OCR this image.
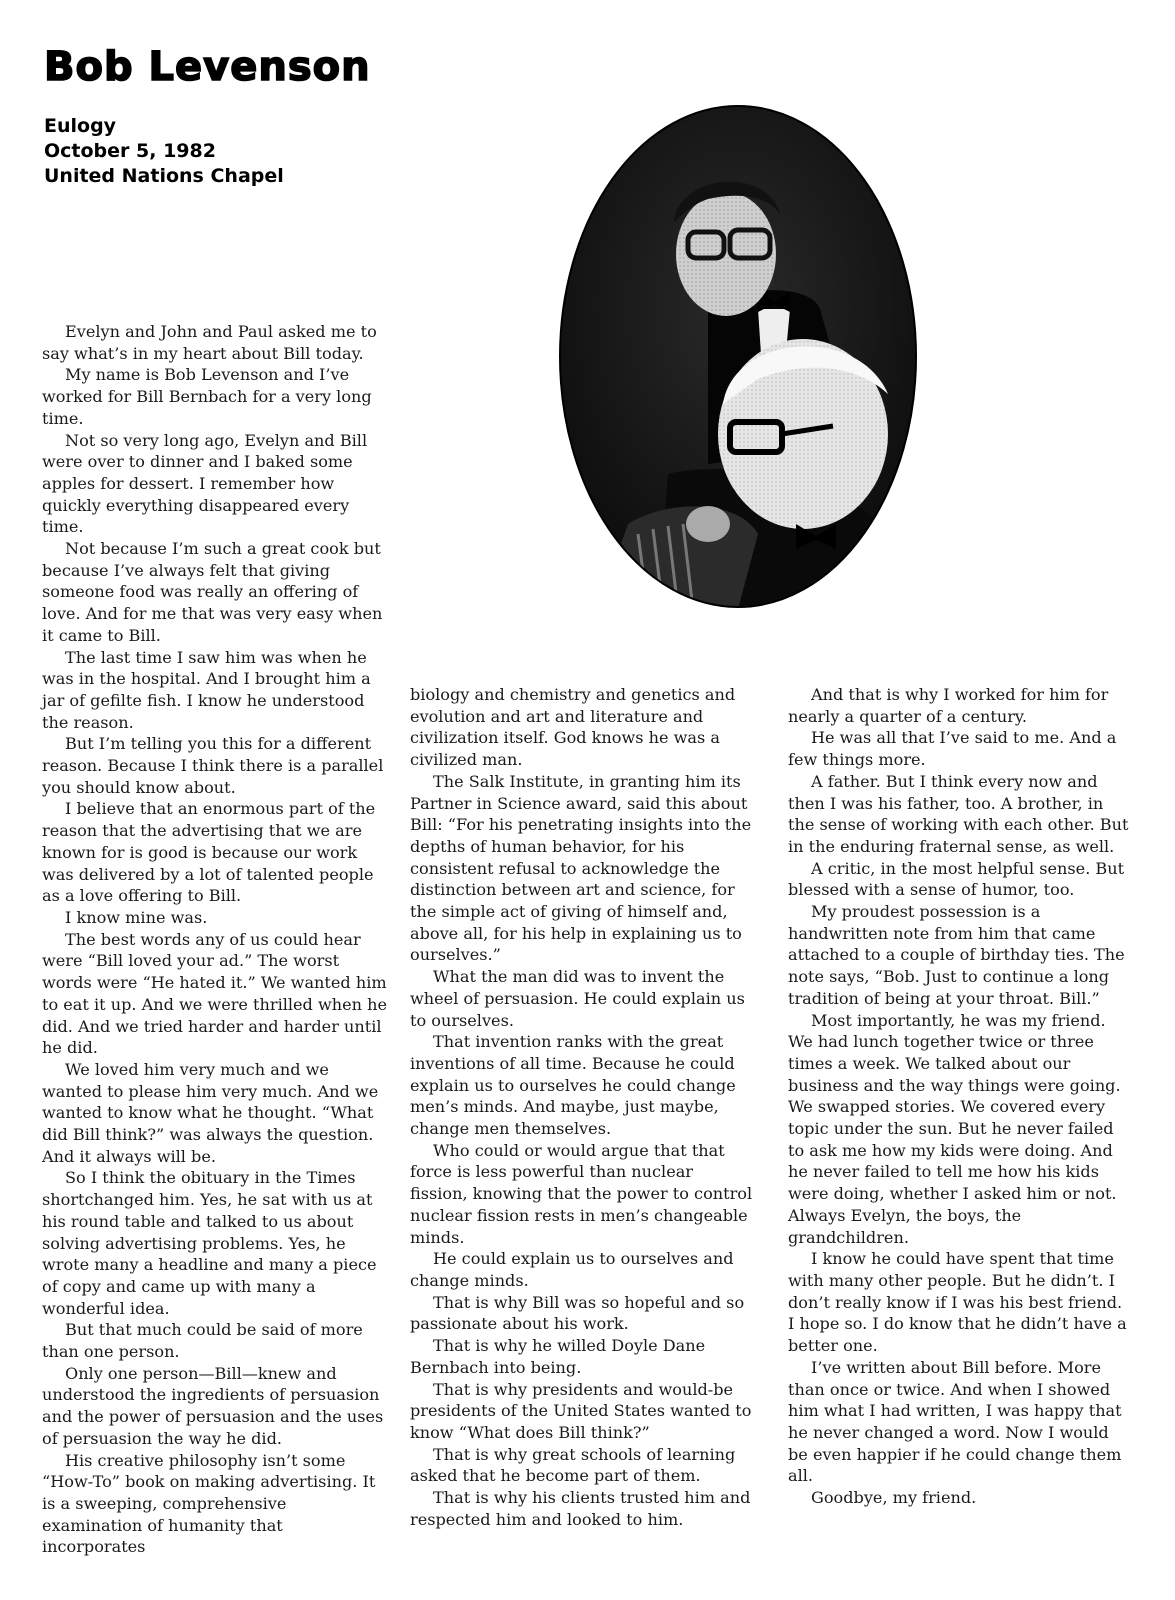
Bob Levenson
Eulogy
October 5, 1982
United Nations Chapel

Evelyn and John and Paul asked me to say what’s in my heart about Bill today.

My name is Bob Levenson and I’ve worked for Bill Bernbach for a very long time.

Not so very long ago, Evelyn and Bill were over to dinner and I baked some apples for dessert. I remember how quickly everything disappeared every time.

Not because I’m such a great cook but because I’ve always felt that giving someone food was really an offering of love. And for me that was very easy when it came to Bill.

The last time I saw him was when he was in the hospital. And I brought him a jar of gefilte fish. I know he understood the reason.

But I’m telling you this for a different reason. Because I think there is a parallel you should know about.

I believe that an enormous part of the reason that the advertising that we are known for is good is because our work was delivered by a lot of talented people as a love offering to Bill.

I know mine was.

The best words any of us could hear were “Bill loved your ad.” The worst words were “He hated it.” We wanted him to eat it up. And we were thrilled when he did. And we tried harder and harder until he did.

We loved him very much and we wanted to please him very much. And we wanted to know what he thought. “What did Bill think?” was always the question. And it always will be.

So I think the obituary in the Times shortchanged him. Yes, he sat with us at his round table and talked to us about solving advertising problems. Yes, he wrote many a headline and many a piece of copy and came up with many a wonderful idea.

But that much could be said of more than one person.

Only one person—Bill—knew and understood the ingredients of persuasion and the power of persuasion and the uses of persuasion the way he did.

His creative philosophy isn’t some “How-To” book on making advertising. It is a sweeping, comprehensive examination of humanity that incorporates

biology and chemistry and genetics and evolution and art and literature and civilization itself. God knows he was a civilized man.

The Salk Institute, in granting him its Partner in Science award, said this about Bill: “For his penetrating insights into the depths of human behavior, for his consistent refusal to acknowledge the distinction between art and science, for the simple act of giving of himself and, above all, for his help in explaining us to ourselves.”

What the man did was to invent the wheel of persuasion. He could explain us to ourselves.

That invention ranks with the great inventions of all time. Because he could explain us to ourselves he could change men’s minds. And maybe, just maybe, change men themselves.

Who could or would argue that that force is less powerful than nuclear fission, knowing that the power to control nuclear fission rests in men’s changeable minds.

He could explain us to ourselves and change minds.

That is why Bill was so hopeful and so passionate about his work.

That is why he willed Doyle Dane Bernbach into being.

That is why presidents and would-be presidents of the United States wanted to know “What does Bill think?”

That is why great schools of learning asked that he become part of them.

That is why his clients trusted him and respected him and looked to him.

And that is why I worked for him for nearly a quarter of a century.

He was all that I’ve said to me. And a few things more.

A father. But I think every now and then I was his father, too. A brother, in the sense of working with each other. But in the enduring fraternal sense, as well.

A critic, in the most helpful sense. But blessed with a sense of humor, too.

My proudest possession is a handwritten note from him that came attached to a couple of birthday ties. The note says, “Bob. Just to continue a long tradition of being at your throat. Bill.”

Most importantly, he was my friend. We had lunch together twice or three times a week. We talked about our business and the way things were going. We swapped stories. We covered every topic under the sun. But he never failed to ask me how my kids were doing. And he never failed to tell me how his kids were doing, whether I asked him or not. Always Evelyn, the boys, the grandchildren.

I know he could have spent that time with many other people. But he didn’t. I don’t really know if I was his best friend. I hope so. I do know that he didn’t have a better one.

I’ve written about Bill before. More than once or twice. And when I showed him what I had written, I was happy that he never changed a word. Now I would be even happier if he could change them all.

Goodbye, my friend.
